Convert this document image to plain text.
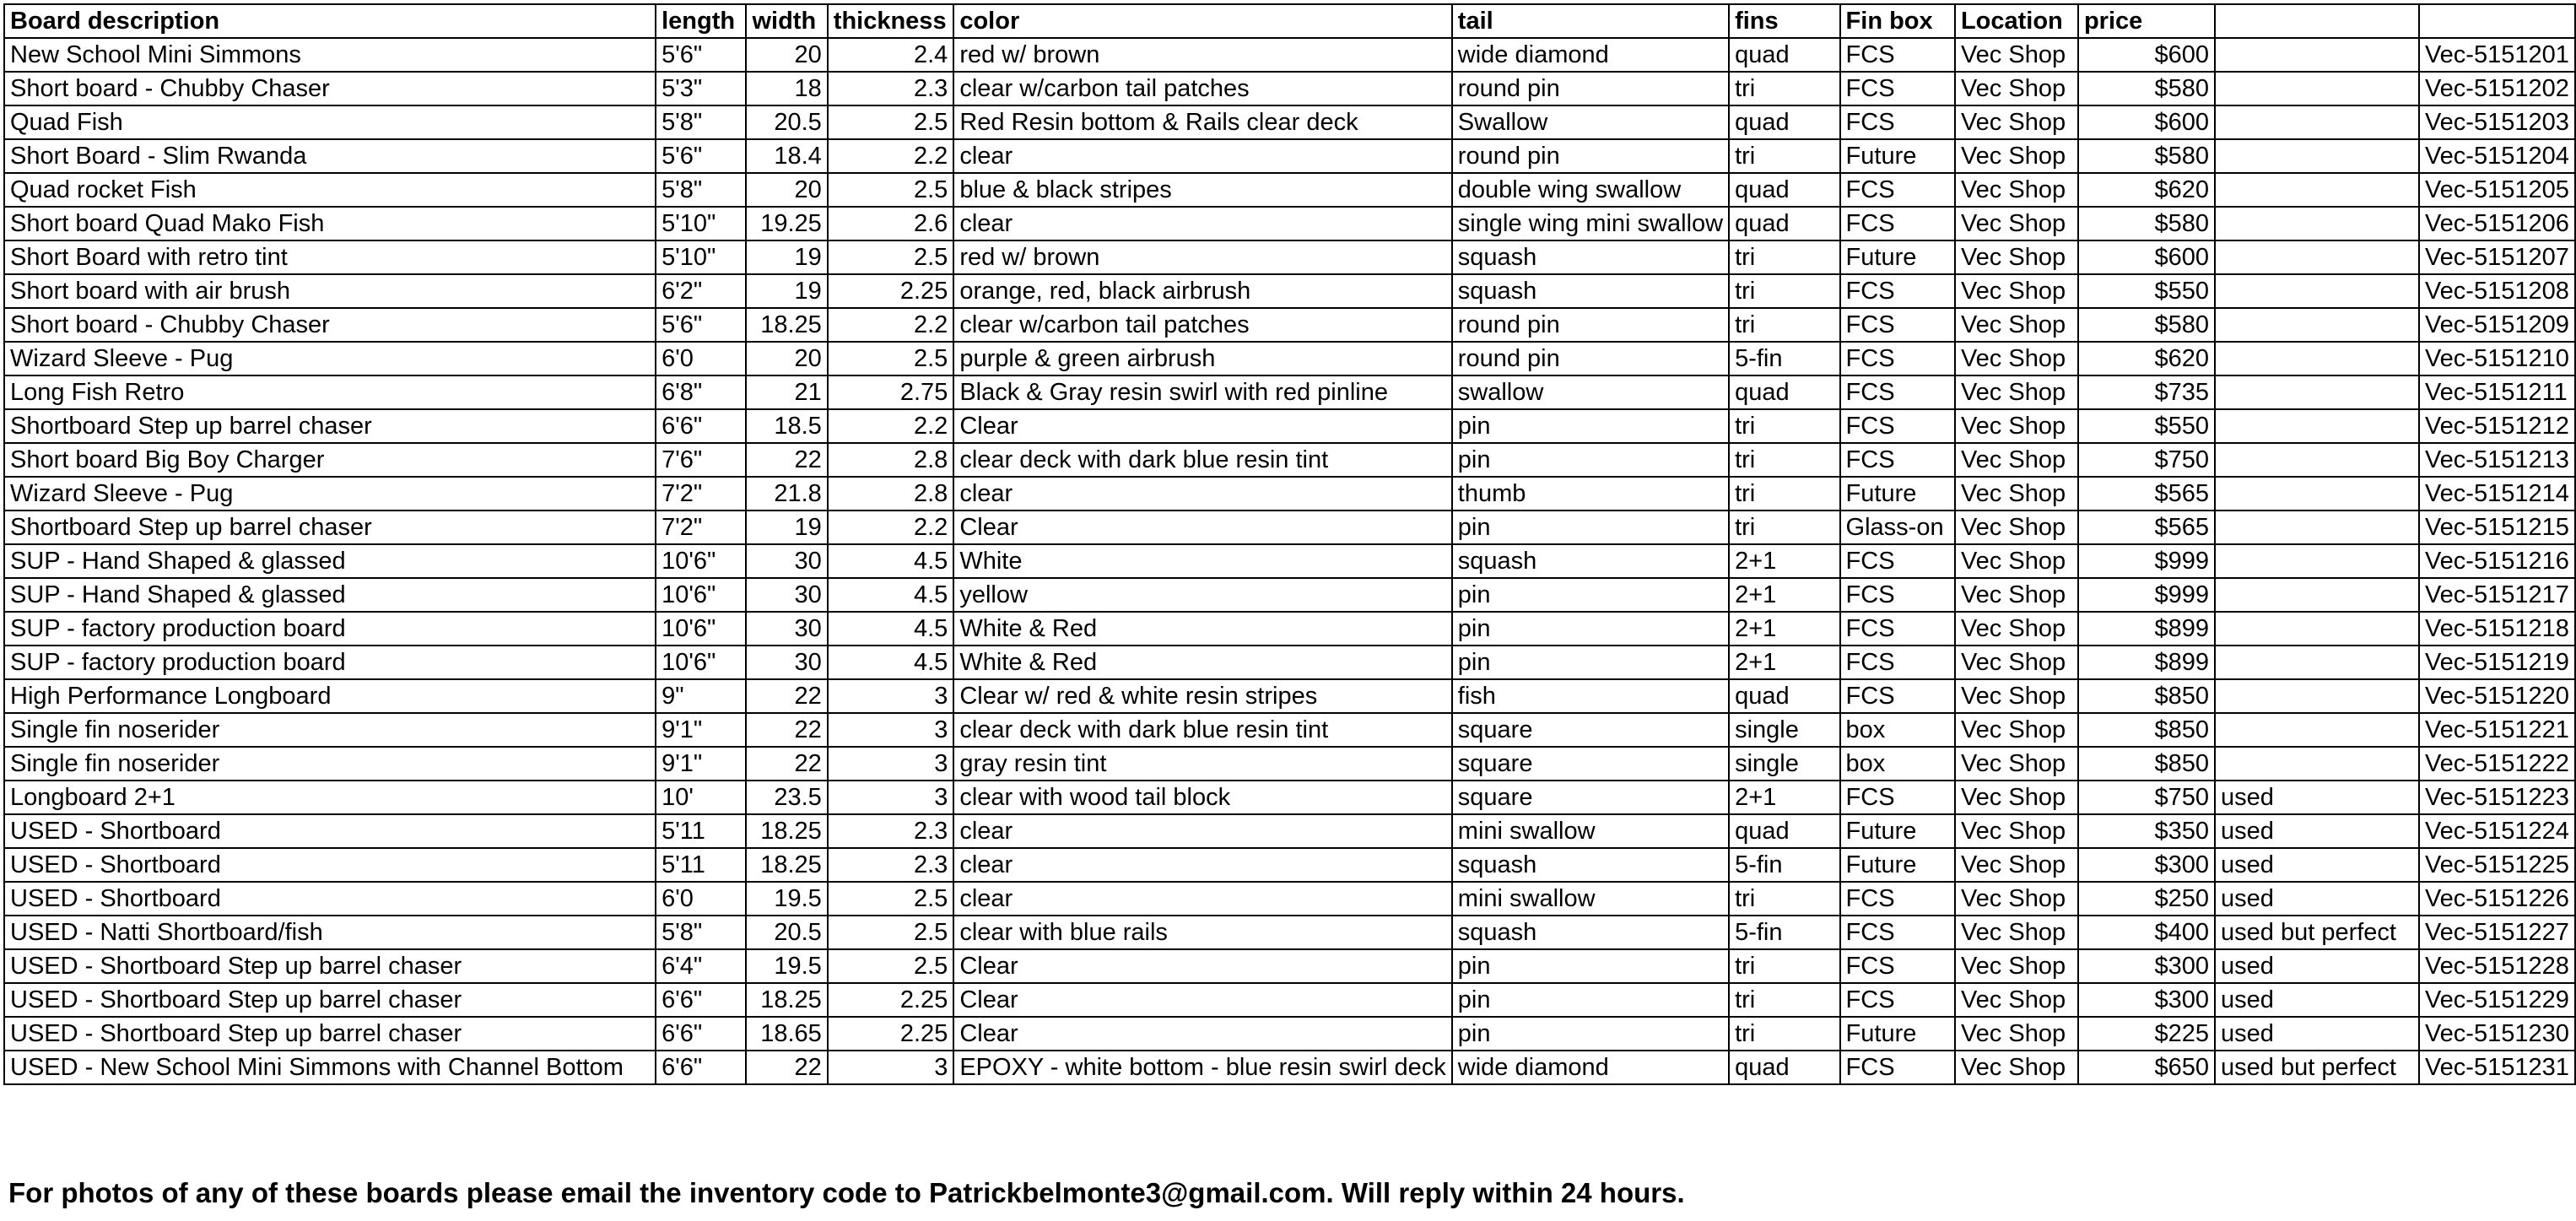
Board description	length	width	thickness	color	tail	fins	Fin box	Location	price		
New School Mini Simmons	5'6"	20	2.4	red w/ brown	wide diamond	quad	FCS	Vec Shop	$600		Vec-5151201
Short board - Chubby Chaser	5'3"	18	2.3	clear w/carbon tail patches	round pin	tri	FCS	Vec Shop	$580		Vec-5151202
Quad Fish	5'8"	20.5	2.5	Red Resin bottom & Rails clear deck	Swallow	quad	FCS	Vec Shop	$600		Vec-5151203
Short Board - Slim Rwanda	5'6"	18.4	2.2	clear	round pin	tri	Future	Vec Shop	$580		Vec-5151204
Quad rocket Fish	5'8"	20	2.5	blue & black stripes	double wing swallow	quad	FCS	Vec Shop	$620		Vec-5151205
Short board Quad Mako Fish	5'10"	19.25	2.6	clear	single wing mini swallow	quad	FCS	Vec Shop	$580		Vec-5151206
Short Board with retro tint	5'10"	19	2.5	red w/ brown	squash	tri	Future	Vec Shop	$600		Vec-5151207
Short board with air brush	6'2"	19	2.25	orange, red, black airbrush	squash	tri	FCS	Vec Shop	$550		Vec-5151208
Short board - Chubby Chaser	5'6"	18.25	2.2	clear w/carbon tail patches	round pin	tri	FCS	Vec Shop	$580		Vec-5151209
Wizard Sleeve - Pug	6'0	20	2.5	purple & green airbrush	round pin	5-fin	FCS	Vec Shop	$620		Vec-5151210
Long Fish Retro	6'8"	21	2.75	Black & Gray resin swirl with red pinline	swallow	quad	FCS	Vec Shop	$735		Vec-5151211
Shortboard Step up barrel chaser	6'6"	18.5	2.2	Clear	pin	tri	FCS	Vec Shop	$550		Vec-5151212
Short board Big Boy Charger	7'6"	22	2.8	clear deck with dark blue resin tint	pin	tri	FCS	Vec Shop	$750		Vec-5151213
Wizard Sleeve - Pug	7'2"	21.8	2.8	clear	thumb	tri	Future	Vec Shop	$565		Vec-5151214
Shortboard Step up barrel chaser	7'2"	19	2.2	Clear	pin	tri	Glass-on	Vec Shop	$565		Vec-5151215
SUP - Hand Shaped & glassed	10'6"	30	4.5	White	squash	2+1	FCS	Vec Shop	$999		Vec-5151216
SUP - Hand Shaped & glassed	10'6"	30	4.5	yellow	pin	2+1	FCS	Vec Shop	$999		Vec-5151217
SUP - factory production board	10'6"	30	4.5	White & Red	pin	2+1	FCS	Vec Shop	$899		Vec-5151218
SUP - factory production board	10'6"	30	4.5	White & Red	pin	2+1	FCS	Vec Shop	$899		Vec-5151219
High Performance Longboard	9"	22	3	Clear w/ red & white resin stripes	fish	quad	FCS	Vec Shop	$850		Vec-5151220
Single fin noserider	9'1"	22	3	clear deck with dark blue resin tint	square	single	box	Vec Shop	$850		Vec-5151221
Single fin noserider	9'1"	22	3	gray resin tint	square	single	box	Vec Shop	$850		Vec-5151222
Longboard 2+1	10'	23.5	3	clear with wood tail block	square	2+1	FCS	Vec Shop	$750	used	Vec-5151223
USED - Shortboard	5'11	18.25	2.3	clear	mini swallow	quad	Future	Vec Shop	$350	used	Vec-5151224
USED - Shortboard	5'11	18.25	2.3	clear	squash	5-fin	Future	Vec Shop	$300	used	Vec-5151225
USED - Shortboard	6'0	19.5	2.5	clear	mini swallow	tri	FCS	Vec Shop	$250	used	Vec-5151226
USED - Natti Shortboard/fish	5'8"	20.5	2.5	clear with blue rails	squash	5-fin	FCS	Vec Shop	$400	used but perfect	Vec-5151227
USED - Shortboard Step up barrel chaser	6'4"	19.5	2.5	Clear	pin	tri	FCS	Vec Shop	$300	used	Vec-5151228
USED - Shortboard Step up barrel chaser	6'6"	18.25	2.25	Clear	pin	tri	FCS	Vec Shop	$300	used	Vec-5151229
USED - Shortboard Step up barrel chaser	6'6"	18.65	2.25	Clear	pin	tri	Future	Vec Shop	$225	used	Vec-5151230
USED - New School Mini Simmons with Channel Bottom	6'6"	22	3	EPOXY - white bottom - blue resin swirl deck	wide diamond	quad	FCS	Vec Shop	$650	used but perfect	Vec-5151231
For photos of any of these boards please email the inventory code to Patrickbelmonte3@gmail.com. Will reply within 24 hours.
